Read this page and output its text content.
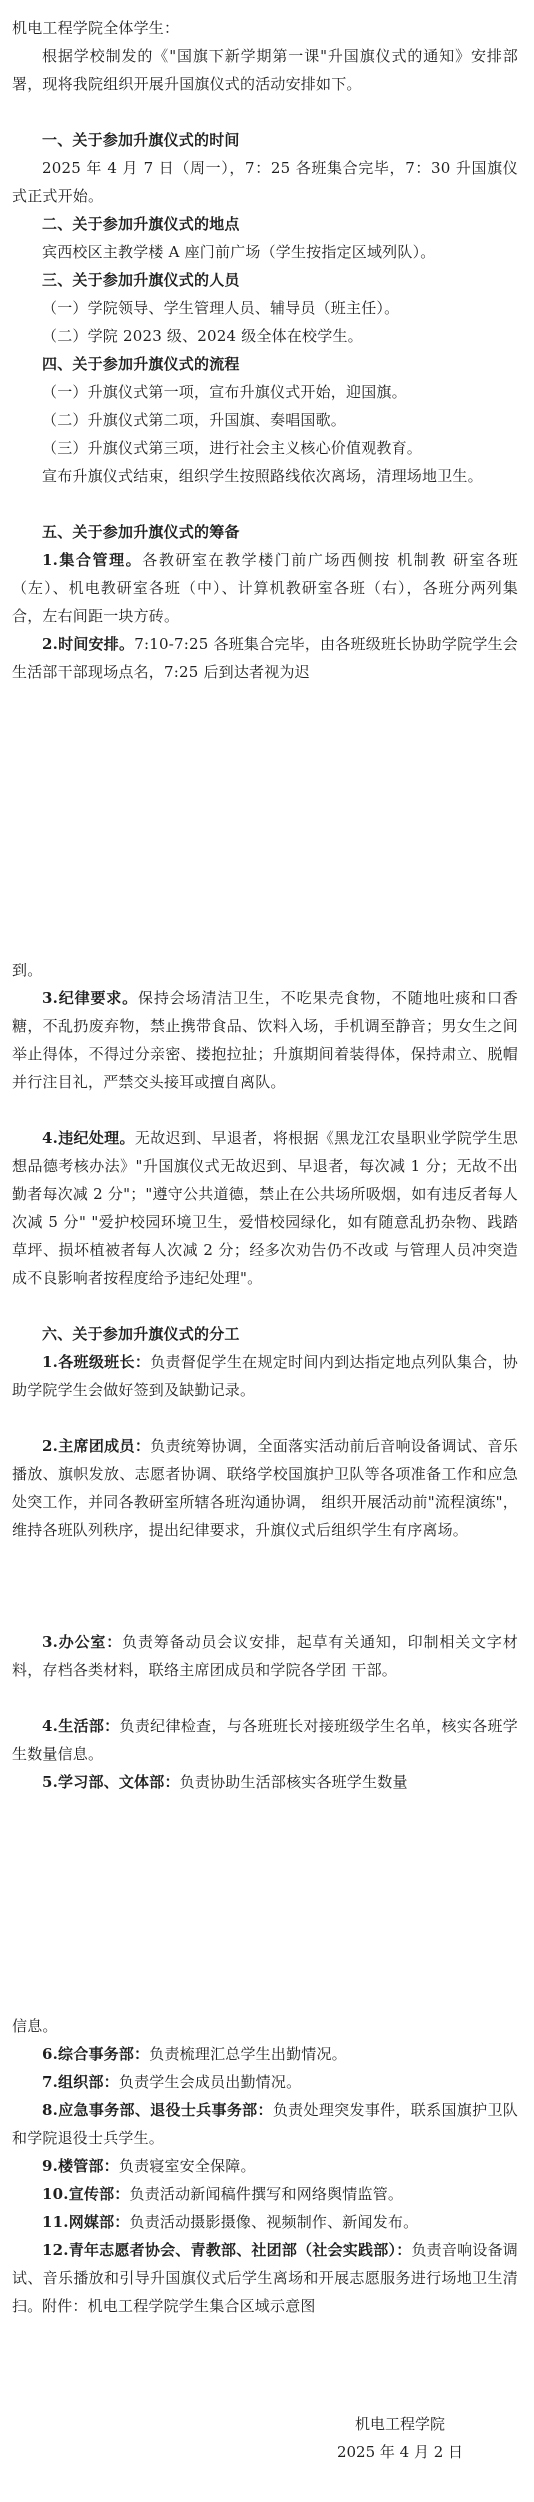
机电工程学院全体学生：

根据学校制发的《"国旗下新学期第一课"升国旗仪式的通知》安排部署，现将我院组织开展升国旗仪式的活动安排如下。

一、关于参加升旗仪式的时间

2025 年 4 月 7 日（周一），7：25 各班集合完毕，7：30 升国旗仪式正式开始。

二、关于参加升旗仪式的地点

宾西校区主教学楼 A 座门前广场（学生按指定区域列队）。

三、关于参加升旗仪式的人员

（一）学院领导、学生管理人员、辅导员（班主任）。

（二）学院 2023 级、2024 级全体在校学生。

四、关于参加升旗仪式的流程

（一）升旗仪式第一项，宣布升旗仪式开始，迎国旗。

（二）升旗仪式第二项，升国旗、奏唱国歌。

（三）升旗仪式第三项，进行社会主义核心价值观教育。

宣布升旗仪式结束，组织学生按照路线依次离场，清理场地卫生。

五、关于参加升旗仪式的筹备

1.集合管理。各教研室在教学楼门前广场西侧按 机制教 研室各班（左）、机电教研室各班（中）、计算机教研室各班（右），各班分两列集合，左右间距一块方砖。

2.时间安排。7:10-7:25 各班集合完毕，由各班级班长协助学院学生会生活部干部现场点名，7:25 后到达者视为迟

到。

3.纪律要求。保持会场清洁卫生，不吃果壳食物，不随地吐痰和口香糖，不乱扔废弃物，禁止携带食品、饮料入场，手机调至静音；男女生之间举止得体，不得过分亲密、搂抱拉扯；升旗期间着装得体，保持肃立、脱帽并行注目礼，严禁交头接耳或擅自离队。

4.违纪处理。无故迟到、早退者，将根据《黑龙江农垦职业学院学生思想品德考核办法》"升国旗仪式无故迟到、早退者，每次减 1 分；无故不出勤者每次减 2 分"；"遵守公共道德，禁止在公共场所吸烟，如有违反者每人次减 5 分" "爱护校园环境卫生，爱惜校园绿化，如有随意乱扔杂物、践踏草坪、损坏植被者每人次减 2 分；经多次劝告仍不改或 与管理人员冲突造成不良影响者按程度给予违纪处理"。

六、关于参加升旗仪式的分工

1.各班级班长：负责督促学生在规定时间内到达指定地点列队集合，协助学院学生会做好签到及缺勤记录。

2.主席团成员：负责统筹协调，全面落实活动前后音响设备调试、音乐播放、旗帜发放、志愿者协调、联络学校国旗护卫队等各项准备工作和应急处突工作，并同各教研室所辖各班沟通协调， 组织开展活动前"流程演练"，维持各班队列秩序，提出纪律要求，升旗仪式后组织学生有序离场。

3.办公室：负责筹备动员会议安排，起草有关通知，印制相关文字材料，存档各类材料，联络主席团成员和学院各学团 干部。

4.生活部：负责纪律检查，与各班班长对接班级学生名单，核实各班学生数量信息。

5.学习部、文体部：负责协助生活部核实各班学生数量

信息。

6.综合事务部：负责梳理汇总学生出勤情况。

7.组织部：负责学生会成员出勤情况。

8.应急事务部、退役士兵事务部：负责处理突发事件，联系国旗护卫队和学院退役士兵学生。

9.楼管部：负责寝室安全保障。

10.宣传部：负责活动新闻稿件撰写和网络舆情监管。

11.网媒部：负责活动摄影摄像、视频制作、新闻发布。

12.青年志愿者协会、青教部、社团部（社会实践部）：负责音响设备调试、音乐播放和引导升国旗仪式后学生离场和开展志愿服务进行场地卫生清扫。 附件：机电工程学院学生集合区域示意图

机电工程学院
2025 年 4 月 2 日
